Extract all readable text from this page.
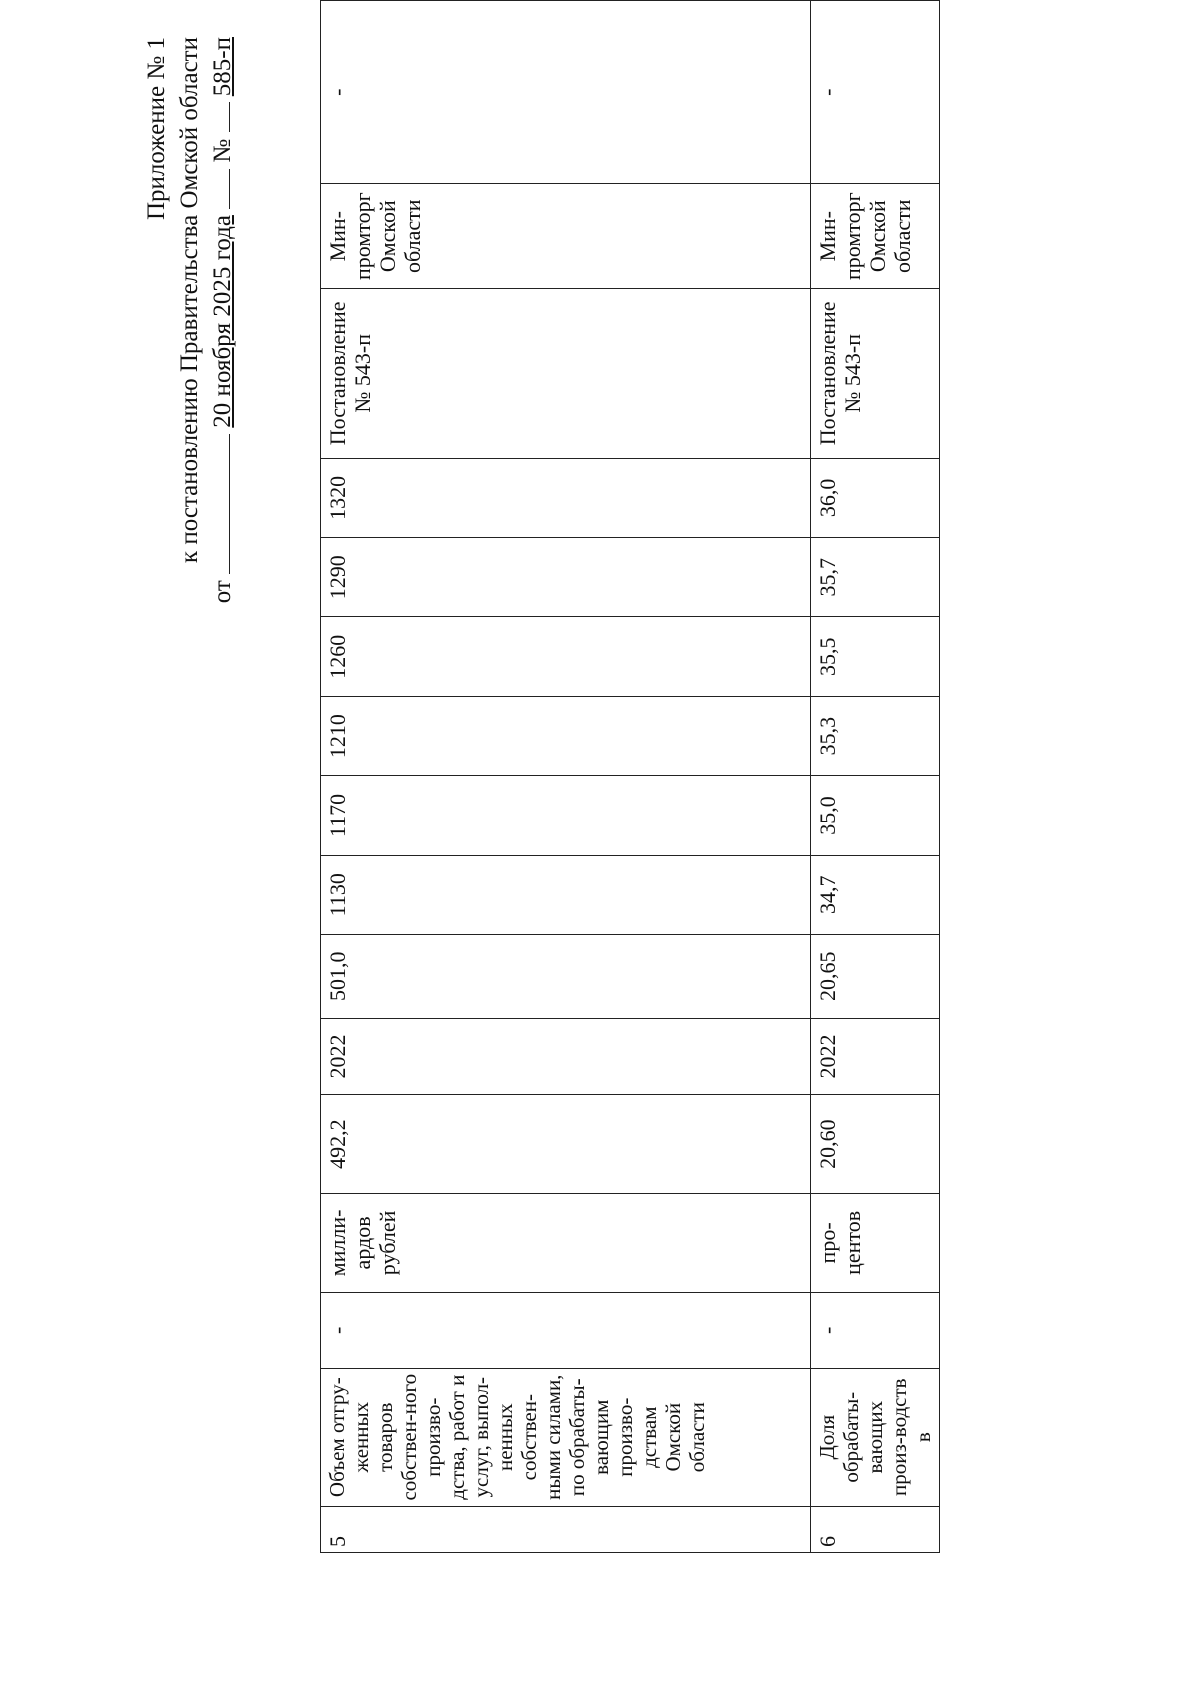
Приложение № 1 к постановлению Правительства Омской области
от  20 ноября 2025 года  №  585-п
5	Объем отгру-женных товаров собствен-ного произво-дства, работ и услуг, выпол-ненных собствен-ными силами, по обрабаты-вающим произво-дствам Омской области	-	милли-ардов рублей	492,2	2022	501,0	1130	1170	1210	1260	1290	1320	Постановление № 543-п	Мин-промторг Омской области	-
6	Доля обрабаты-вающих произ-водств в	-	про-центов	20,60	2022	20,65	34,7	35,0	35,3	35,5	35,7	36,0	Постановление № 543-п	Мин-промторг Омской области	-
